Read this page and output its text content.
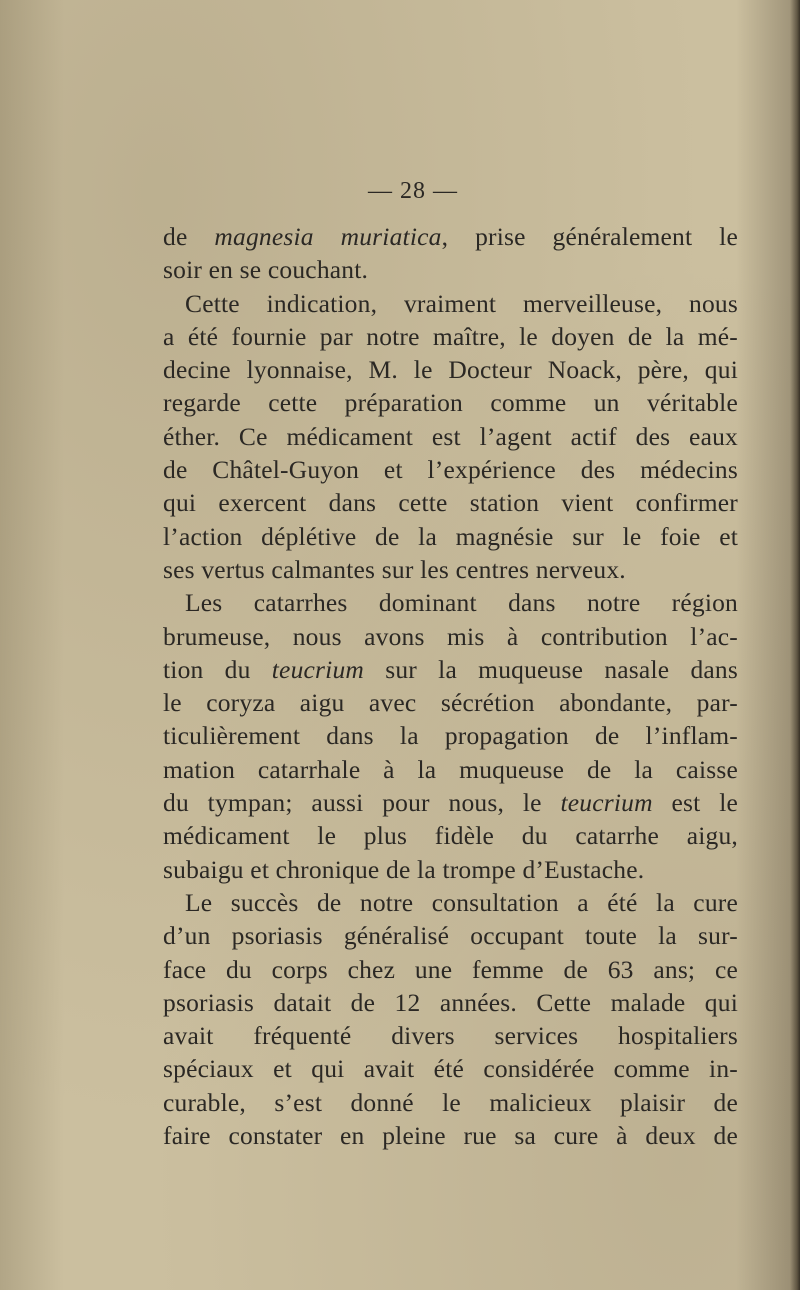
— 28 —
de magnesia muriatica, prise généralement le
soir en se couchant.
Cette indication, vraiment merveilleuse, nous
a été fournie par notre maître, le doyen de la mé-
decine lyonnaise, M. le Docteur Noack, père, qui
regarde cette préparation comme un véritable
éther. Ce médicament est l’agent actif des eaux
de Châtel-Guyon et l’expérience des médecins
qui exercent dans cette station vient confirmer
l’action déplétive de la magnésie sur le foie et
ses vertus calmantes sur les centres nerveux.
Les catarrhes dominant dans notre région
brumeuse, nous avons mis à contribution l’ac-
tion du teucrium sur la muqueuse nasale dans
le coryza aigu avec sécrétion abondante, par-
ticulièrement dans la propagation de l’inflam-
mation catarrhale à la muqueuse de la caisse
du tympan; aussi pour nous, le teucrium est le
médicament le plus fidèle du catarrhe aigu,
subaigu et chronique de la trompe d’Eustache.
Le succès de notre consultation a été la cure
d’un psoriasis généralisé occupant toute la sur-
face du corps chez une femme de 63 ans; ce
psoriasis datait de 12 années. Cette malade qui
avait fréquenté divers services hospitaliers
spéciaux et qui avait été considérée comme in-
curable, s’est donné le malicieux plaisir de
faire constater en pleine rue sa cure à deux de
